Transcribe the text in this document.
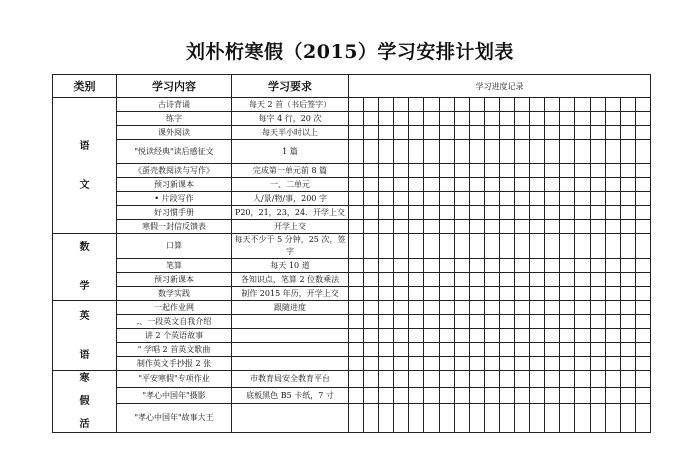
刘朴桁寒假（2015）学习安排计划表
类别	学习内容	学习要求	学习进度记录																			

语
文	古诗背诵	每天 2 首（书后签字）																				
	练字	每字 4 行，20 次																				
	课外阅读	每天半小时以上																				
	"悦读经典"读后感征文	1 篇																				
	《蛋壳教阅读与写作》	完成第一单元前 8 篇																				
	预习新课本	一、二单元																				
	• 片段写作	人/景/物/事，200 字																				
	好习惯手册	P20，21，23，24．开学上交																				
	寒假一封信反馈表	开学上交																				

数
学	口算	每天不少于 5 分钟，25 次，签字																				
	笔算	每天 10 道																				
	预习新课本	各知识点，笔算 2 位数乘法																				
	数学实践	制作 2015 年历，开学上交																				

英
语	一起作业网	跟随进度																				
	.、一段英文自我介绍																					
	讲 2 个英语故事																					
	" 学唱 2 首英文歌曲																					
	制作英文手抄报 2 张																					

寒
假
活	"平安寒假"专项作业	市教育局安全教育平台																				
	"孝心中国年"摄影	底板黑色 B5 卡纸，7 寸																				
	"孝心中国年"故事大王																					
